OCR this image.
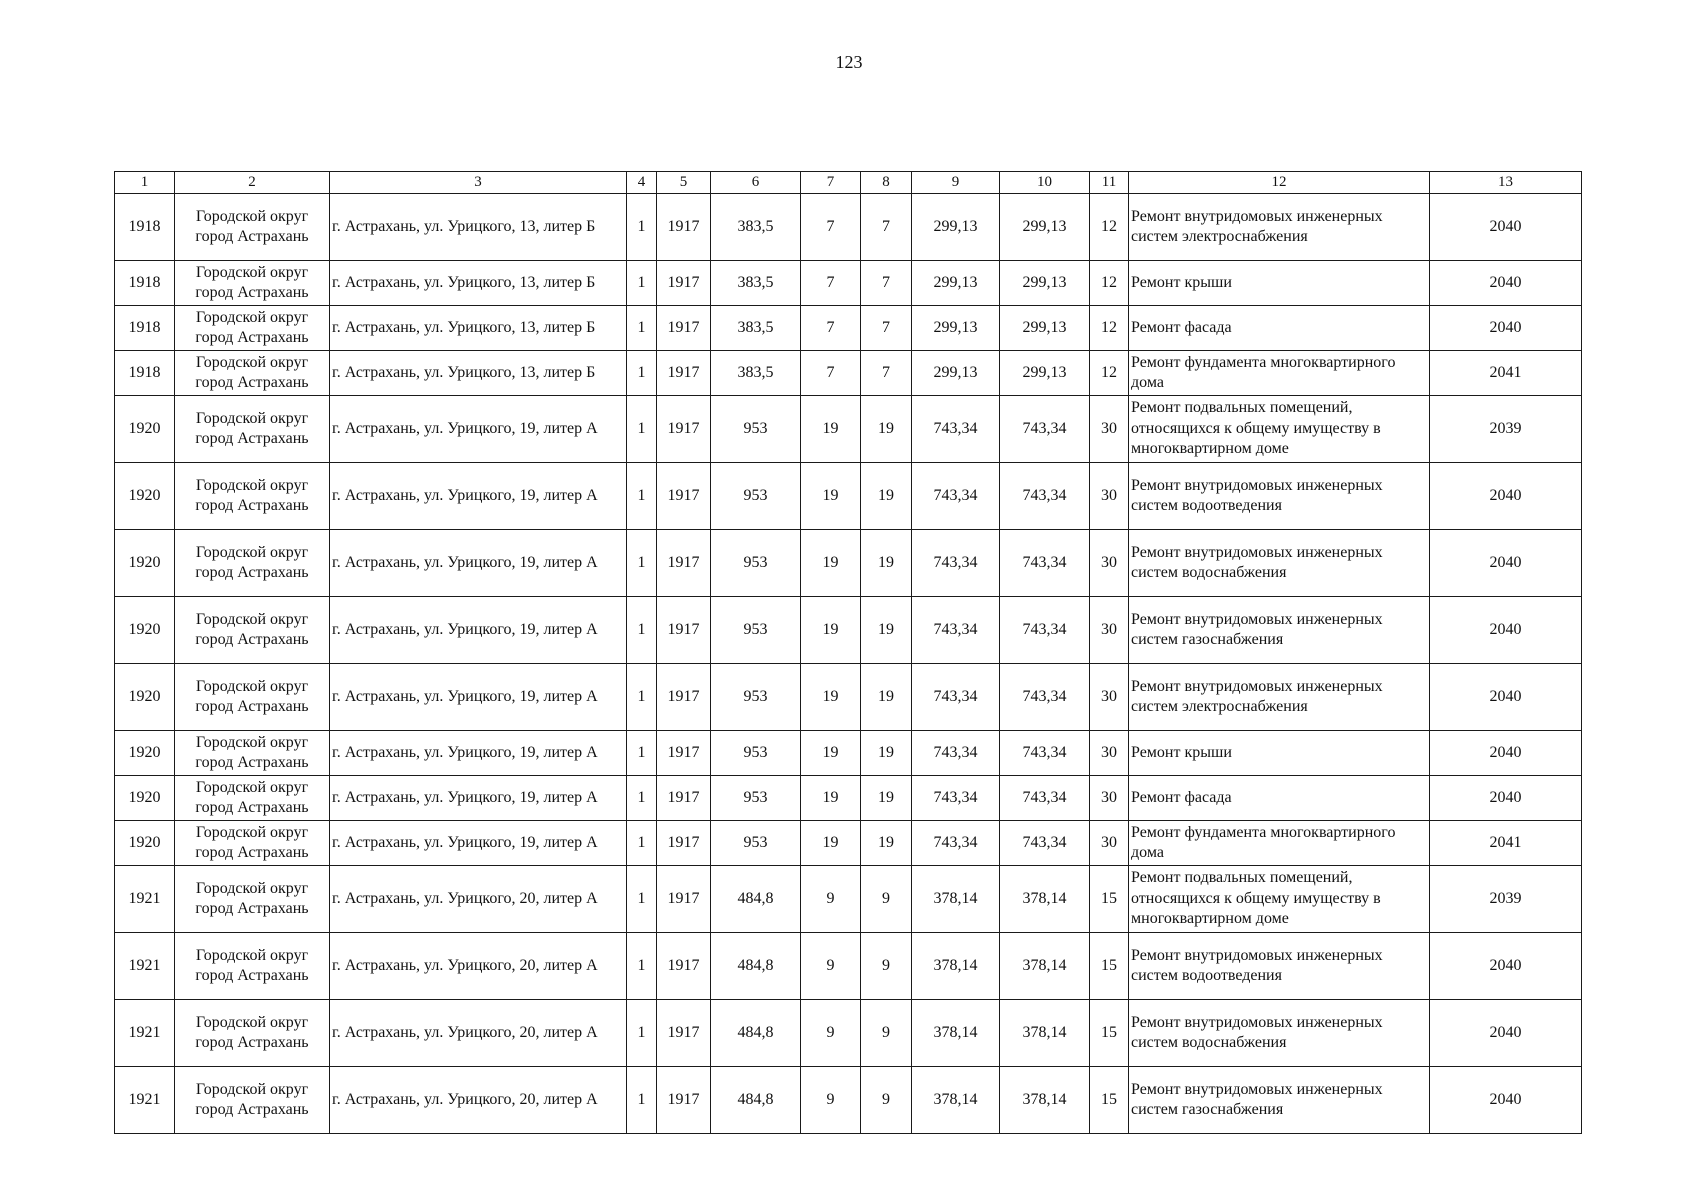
123
1	2	3	4	5	6	7	8	9	10	11	12	13
1918	Городской округ город Астрахань	г. Астрахань, ул. Урицкого, 13, литер Б	1	1917	383,5	7	7	299,13	299,13	12	Ремонт внутридомовых инженерных систем электроснабжения	2040
1918	Городской округ город Астрахань	г. Астрахань, ул. Урицкого, 13, литер Б	1	1917	383,5	7	7	299,13	299,13	12	Ремонт крыши	2040
1918	Городской округ город Астрахань	г. Астрахань, ул. Урицкого, 13, литер Б	1	1917	383,5	7	7	299,13	299,13	12	Ремонт фасада	2040
1918	Городской округ город Астрахань	г. Астрахань, ул. Урицкого, 13, литер Б	1	1917	383,5	7	7	299,13	299,13	12	Ремонт фундамента многоквартирного дома	2041
1920	Городской округ город Астрахань	г. Астрахань, ул. Урицкого, 19, литер А	1	1917	953	19	19	743,34	743,34	30	Ремонт подвальных помещений, относящихся к общему имуществу в многоквартирном доме	2039
1920	Городской округ город Астрахань	г. Астрахань, ул. Урицкого, 19, литер А	1	1917	953	19	19	743,34	743,34	30	Ремонт внутридомовых инженерных систем водоотведения	2040
1920	Городской округ город Астрахань	г. Астрахань, ул. Урицкого, 19, литер А	1	1917	953	19	19	743,34	743,34	30	Ремонт внутридомовых инженерных систем водоснабжения	2040
1920	Городской округ город Астрахань	г. Астрахань, ул. Урицкого, 19, литер А	1	1917	953	19	19	743,34	743,34	30	Ремонт внутридомовых инженерных систем газоснабжения	2040
1920	Городской округ город Астрахань	г. Астрахань, ул. Урицкого, 19, литер А	1	1917	953	19	19	743,34	743,34	30	Ремонт внутридомовых инженерных систем электроснабжения	2040
1920	Городской округ город Астрахань	г. Астрахань, ул. Урицкого, 19, литер А	1	1917	953	19	19	743,34	743,34	30	Ремонт крыши	2040
1920	Городской округ город Астрахань	г. Астрахань, ул. Урицкого, 19, литер А	1	1917	953	19	19	743,34	743,34	30	Ремонт фасада	2040
1920	Городской округ город Астрахань	г. Астрахань, ул. Урицкого, 19, литер А	1	1917	953	19	19	743,34	743,34	30	Ремонт фундамента многоквартирного дома	2041
1921	Городской округ город Астрахань	г. Астрахань, ул. Урицкого, 20, литер А	1	1917	484,8	9	9	378,14	378,14	15	Ремонт подвальных помещений, относящихся к общему имуществу в многоквартирном доме	2039
1921	Городской округ город Астрахань	г. Астрахань, ул. Урицкого, 20, литер А	1	1917	484,8	9	9	378,14	378,14	15	Ремонт внутридомовых инженерных систем водоотведения	2040
1921	Городской округ город Астрахань	г. Астрахань, ул. Урицкого, 20, литер А	1	1917	484,8	9	9	378,14	378,14	15	Ремонт внутридомовых инженерных систем водоснабжения	2040
1921	Городской округ город Астрахань	г. Астрахань, ул. Урицкого, 20, литер А	1	1917	484,8	9	9	378,14	378,14	15	Ремонт внутридомовых инженерных систем газоснабжения	2040
